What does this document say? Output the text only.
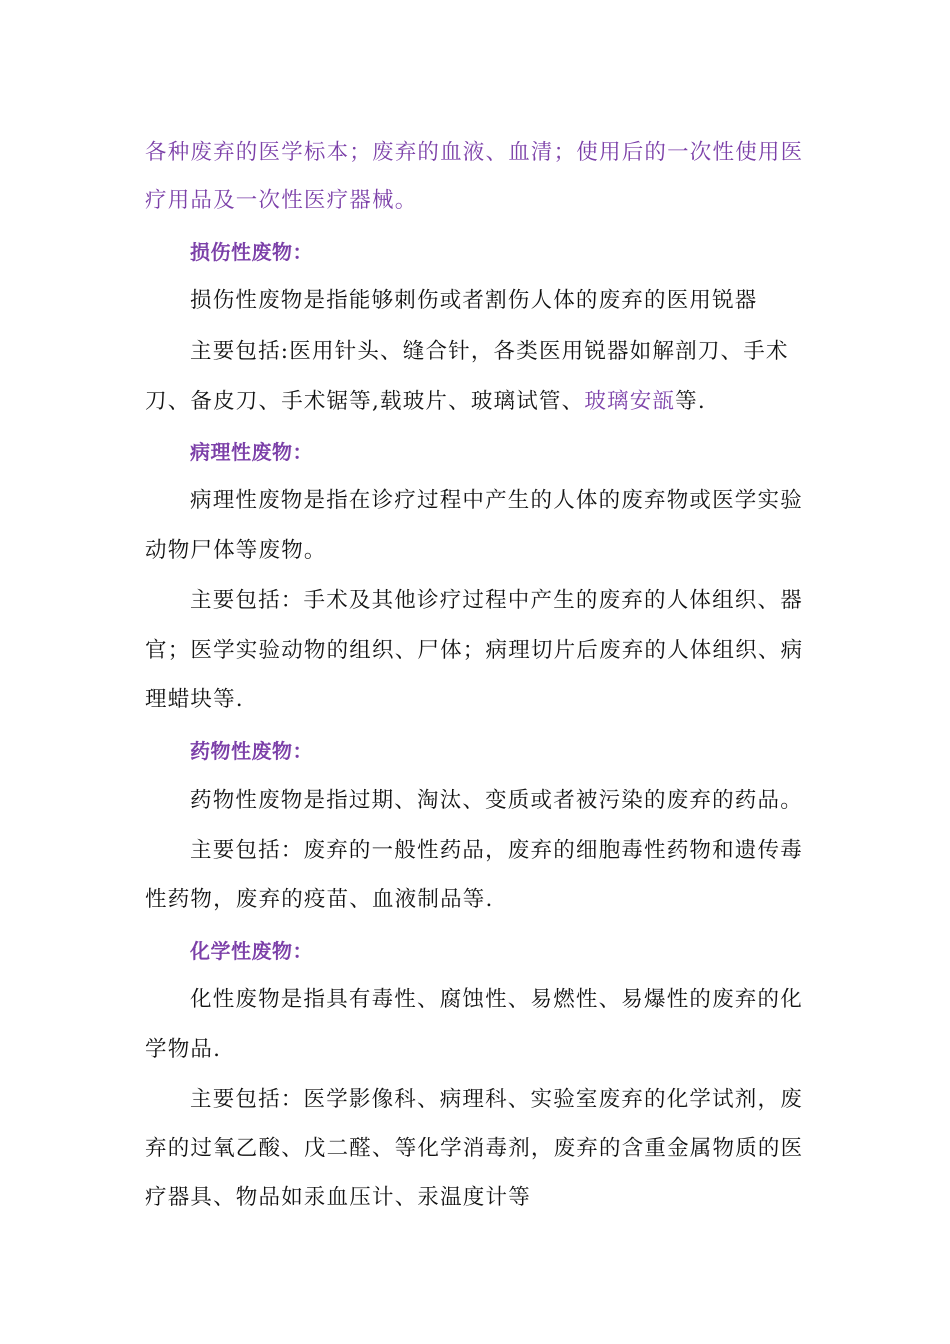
各种废弃的医学标本；废弃的血液、血清；使用后的一次性使用医
疗用品及一次性医疗器械。
损伤性废物：
损伤性废物是指能够刺伤或者割伤人体的废弃的医用锐器
主要包括:医用针头、缝合针，各类医用锐器如解剖刀、手术
刀、备皮刀、手术锯等,载玻片、玻璃试管、玻璃安瓿等.
病理性废物：
病理性废物是指在诊疗过程中产生的人体的废弃物或医学实验
动物尸体等废物。
主要包括：手术及其他诊疗过程中产生的废弃的人体组织、器
官；医学实验动物的组织、尸体；病理切片后废弃的人体组织、病
理蜡块等.
药物性废物：
药物性废物是指过期、淘汰、变质或者被污染的废弃的药品。
主要包括：废弃的一般性药品，废弃的细胞毒性药物和遗传毒
性药物，废弃的疫苗、血液制品等.
化学性废物：
化性废物是指具有毒性、腐蚀性、易燃性、易爆性的废弃的化
学物品.
主要包括：医学影像科、病理科、实验室废弃的化学试剂，废
弃的过氧乙酸、戊二醛、等化学消毒剂，废弃的含重金属物质的医
疗器具、物品如汞血压计、汞温度计等
